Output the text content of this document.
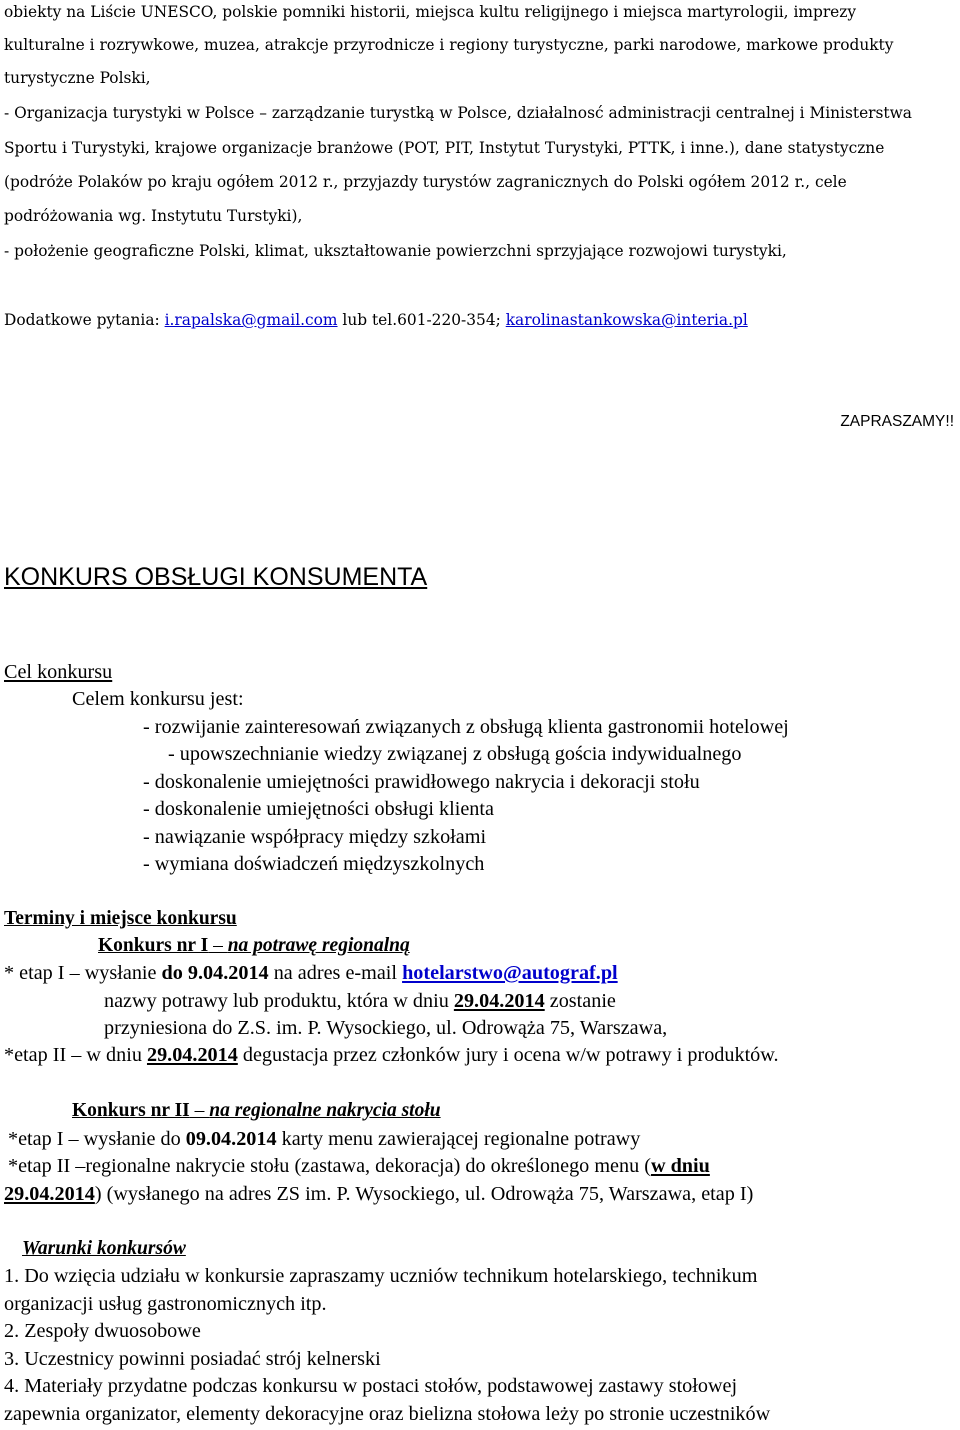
obiekty na Liście UNESCO, polskie pomniki historii, miejsca kultu religijnego i miejsca martyrologii, imprezy
kulturalne i rozrywkowe, muzea, atrakcje przyrodnicze i regiony turystyczne, parki narodowe, markowe produkty
turystyczne Polski,
- Organizacja turystyki w Polsce – zarządzanie turystką w Polsce, działalnosć administracji centralnej i Ministerstwa
Sportu i Turystyki, krajowe organizacje branżowe (POT, PIT, Instytut Turystyki, PTTK, i inne.), dane statystyczne
(podróże Polaków po kraju ogółem 2012 r., przyjazdy turystów zagranicznych do Polski ogółem 2012 r., cele
podróżowania wg. Instytutu Turstyki),
- położenie geograficzne Polski, klimat, ukształtowanie powierzchni sprzyjające rozwojowi turystyki,
Dodatkowe pytania: i.rapalska@gmail.com lub tel.601-220-354; karolinastankowska@interia.pl
ZAPRASZAMY!!
KONKURS OBSŁUGI KONSUMENTA
Cel konkursu
Celem konkursu jest:
- rozwijanie zainteresowań związanych z obsługą klienta gastronomii hotelowej
- upowszechnianie wiedzy związanej z obsługą gościa indywidualnego
- doskonalenie umiejętności prawidłowego nakrycia i dekoracji stołu
- doskonalenie umiejętności obsługi klienta
- nawiązanie współpracy między szkołami
- wymiana doświadczeń międzyszkolnych
Terminy i miejsce konkursu
Konkurs nr I – na potrawę regionalną
* etap I – wysłanie do 9.04.2014 na adres e-mail hotelarstwo@autograf.pl
nazwy potrawy lub produktu, która w dniu 29.04.2014 zostanie
przyniesiona do Z.S. im. P. Wysockiego, ul. Odrowąża 75, Warszawa,
*etap II – w dniu 29.04.2014 degustacja przez członków jury i ocena w/w potrawy i produktów.
Konkurs nr II – na regionalne nakrycia stołu
*etap I – wysłanie do 09.04.2014 karty menu zawierającej regionalne potrawy
*etap II –regionalne nakrycie stołu (zastawa, dekoracja) do określonego menu (w dniu
29.04.2014) (wysłanego na adres ZS im. P. Wysockiego, ul. Odrowąża 75, Warszawa, etap I)
Warunki konkursów
1. Do wzięcia udziału w konkursie zapraszamy uczniów technikum hotelarskiego, technikum
organizacji usług gastronomicznych itp.
2. Zespoły dwuosobowe
3. Uczestnicy powinni posiadać strój kelnerski
4. Materiały przydatne podczas konkursu w postaci stołów, podstawowej zastawy stołowej
zapewnia organizator, elementy dekoracyjne oraz bielizna stołowa leży po stronie uczestników
